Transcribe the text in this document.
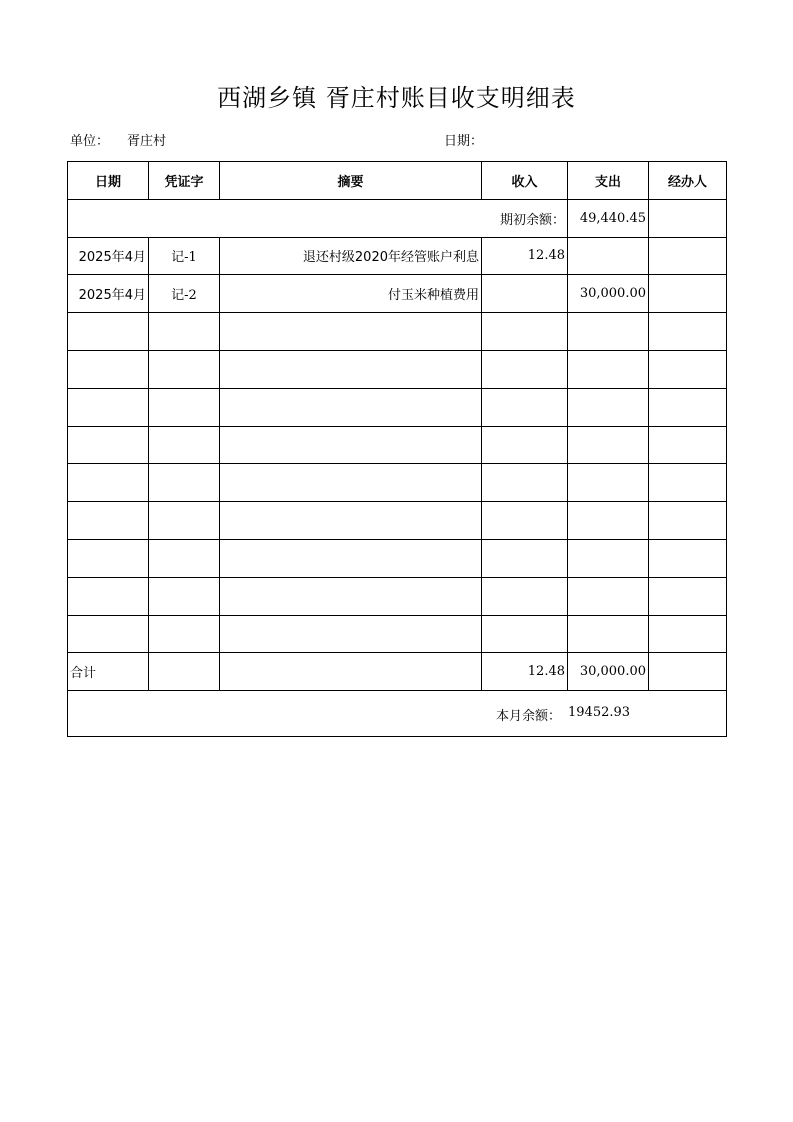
西湖乡镇 胥庄村账目收支明细表
单位： 胥庄村	日期：
日期	凭证字	摘要	收入	支出	经办人
期初余额：				49,440.45	
2025年4月	记-1	退还村级2020年经管账户利息	12.48		
2025年4月	记-2	付玉米种植费用		30,000.00	

合计			12.48	30,000.00	

本月余额： 19452.93					
